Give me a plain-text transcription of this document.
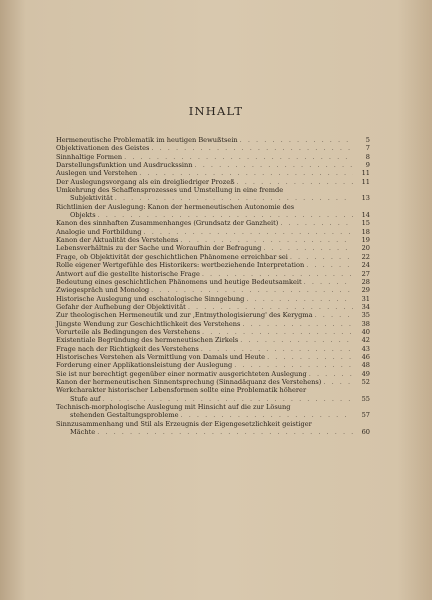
INHALT
Hermeneutische Problematik im heutigen Bewußtsein . . .	5
Objektivationen des Geistes . . .	7
Sinnhaltige Formen . . .	8
Darstellungsfunktion und Ausdruckssinn . . .	9
Auslegen und Verstehen . . .	11
Der Auslegungsvorgang als ein dreigliedriger Prozeß . . .	11
Umkehrung des Schaffensprozesses und Umstellung in eine fremde
Subjektivität . . .	13
Richtlinien der Auslegung: Kanon der hermeneutischen Autonomie des
Objekts . . .	14
Kanon des sinnhaften Zusammenhanges (Grundsatz der Ganzheit) . . .	15
Analogie und Fortbildung . . .	18
Kanon der Aktualität des Verstehens . . .	19
Lebensverhältnis zu der Sache und Woraufhin der Befragung . . .	20
Frage, ob Objektivität der geschichtlichen Phänomene erreichbar sei . . .	22
Rolle eigener Wertgefühle des Historikers: wertbeziehende Interpretation . . .	24
Antwort auf die gestellte historische Frage . . .	27
Bedeutung eines geschichtlichen Phänomens und heutige Bedeutsamkeit . . .	28
Zwiegespräch und Monolog . . .	29
Historische Auslegung und eschatologische Sinngebung . . .	31
Gefahr der Aufhebung der Objektivität . . .	34
Zur theologischen Hermeneutik und zur ‚Entmythologisierung' des Kerygma . . .	35
Jüngste Wendung zur Geschichtlichkeit des Verstehens . . .	38
Vorurteile als Bedingungen des Verstehens . . .	40
Existentiale Begründung des hermeneutischen Zirkels . . .	42
Frage nach der Richtigkeit des Verstehens . . .	43
Historisches Verstehen als Vermittlung von Damals und Heute . . .	46
Forderung einer Applikationsleistung der Auslegung . . .	48
Sie ist nur berechtigt gegenüber einer normativ ausgerichteten Auslegung . . .	49
Kanon der hermeneutischen Sinnentsprechung (Sinnadäquanz des Verstehens) . . .	52
Werkcharakter historischer Lebensformen sollte eine Problematik höherer
Stufe auf . . .	55
Technisch-morphologische Auslegung mit Hinsicht auf die zur Lösung
stehenden Gestaltungsprobleme . . .	57
Sinnzusammenhang und Stil als Erzeugnis der Eigengesetzlichkeit geistiger
Mächte . . .	60
